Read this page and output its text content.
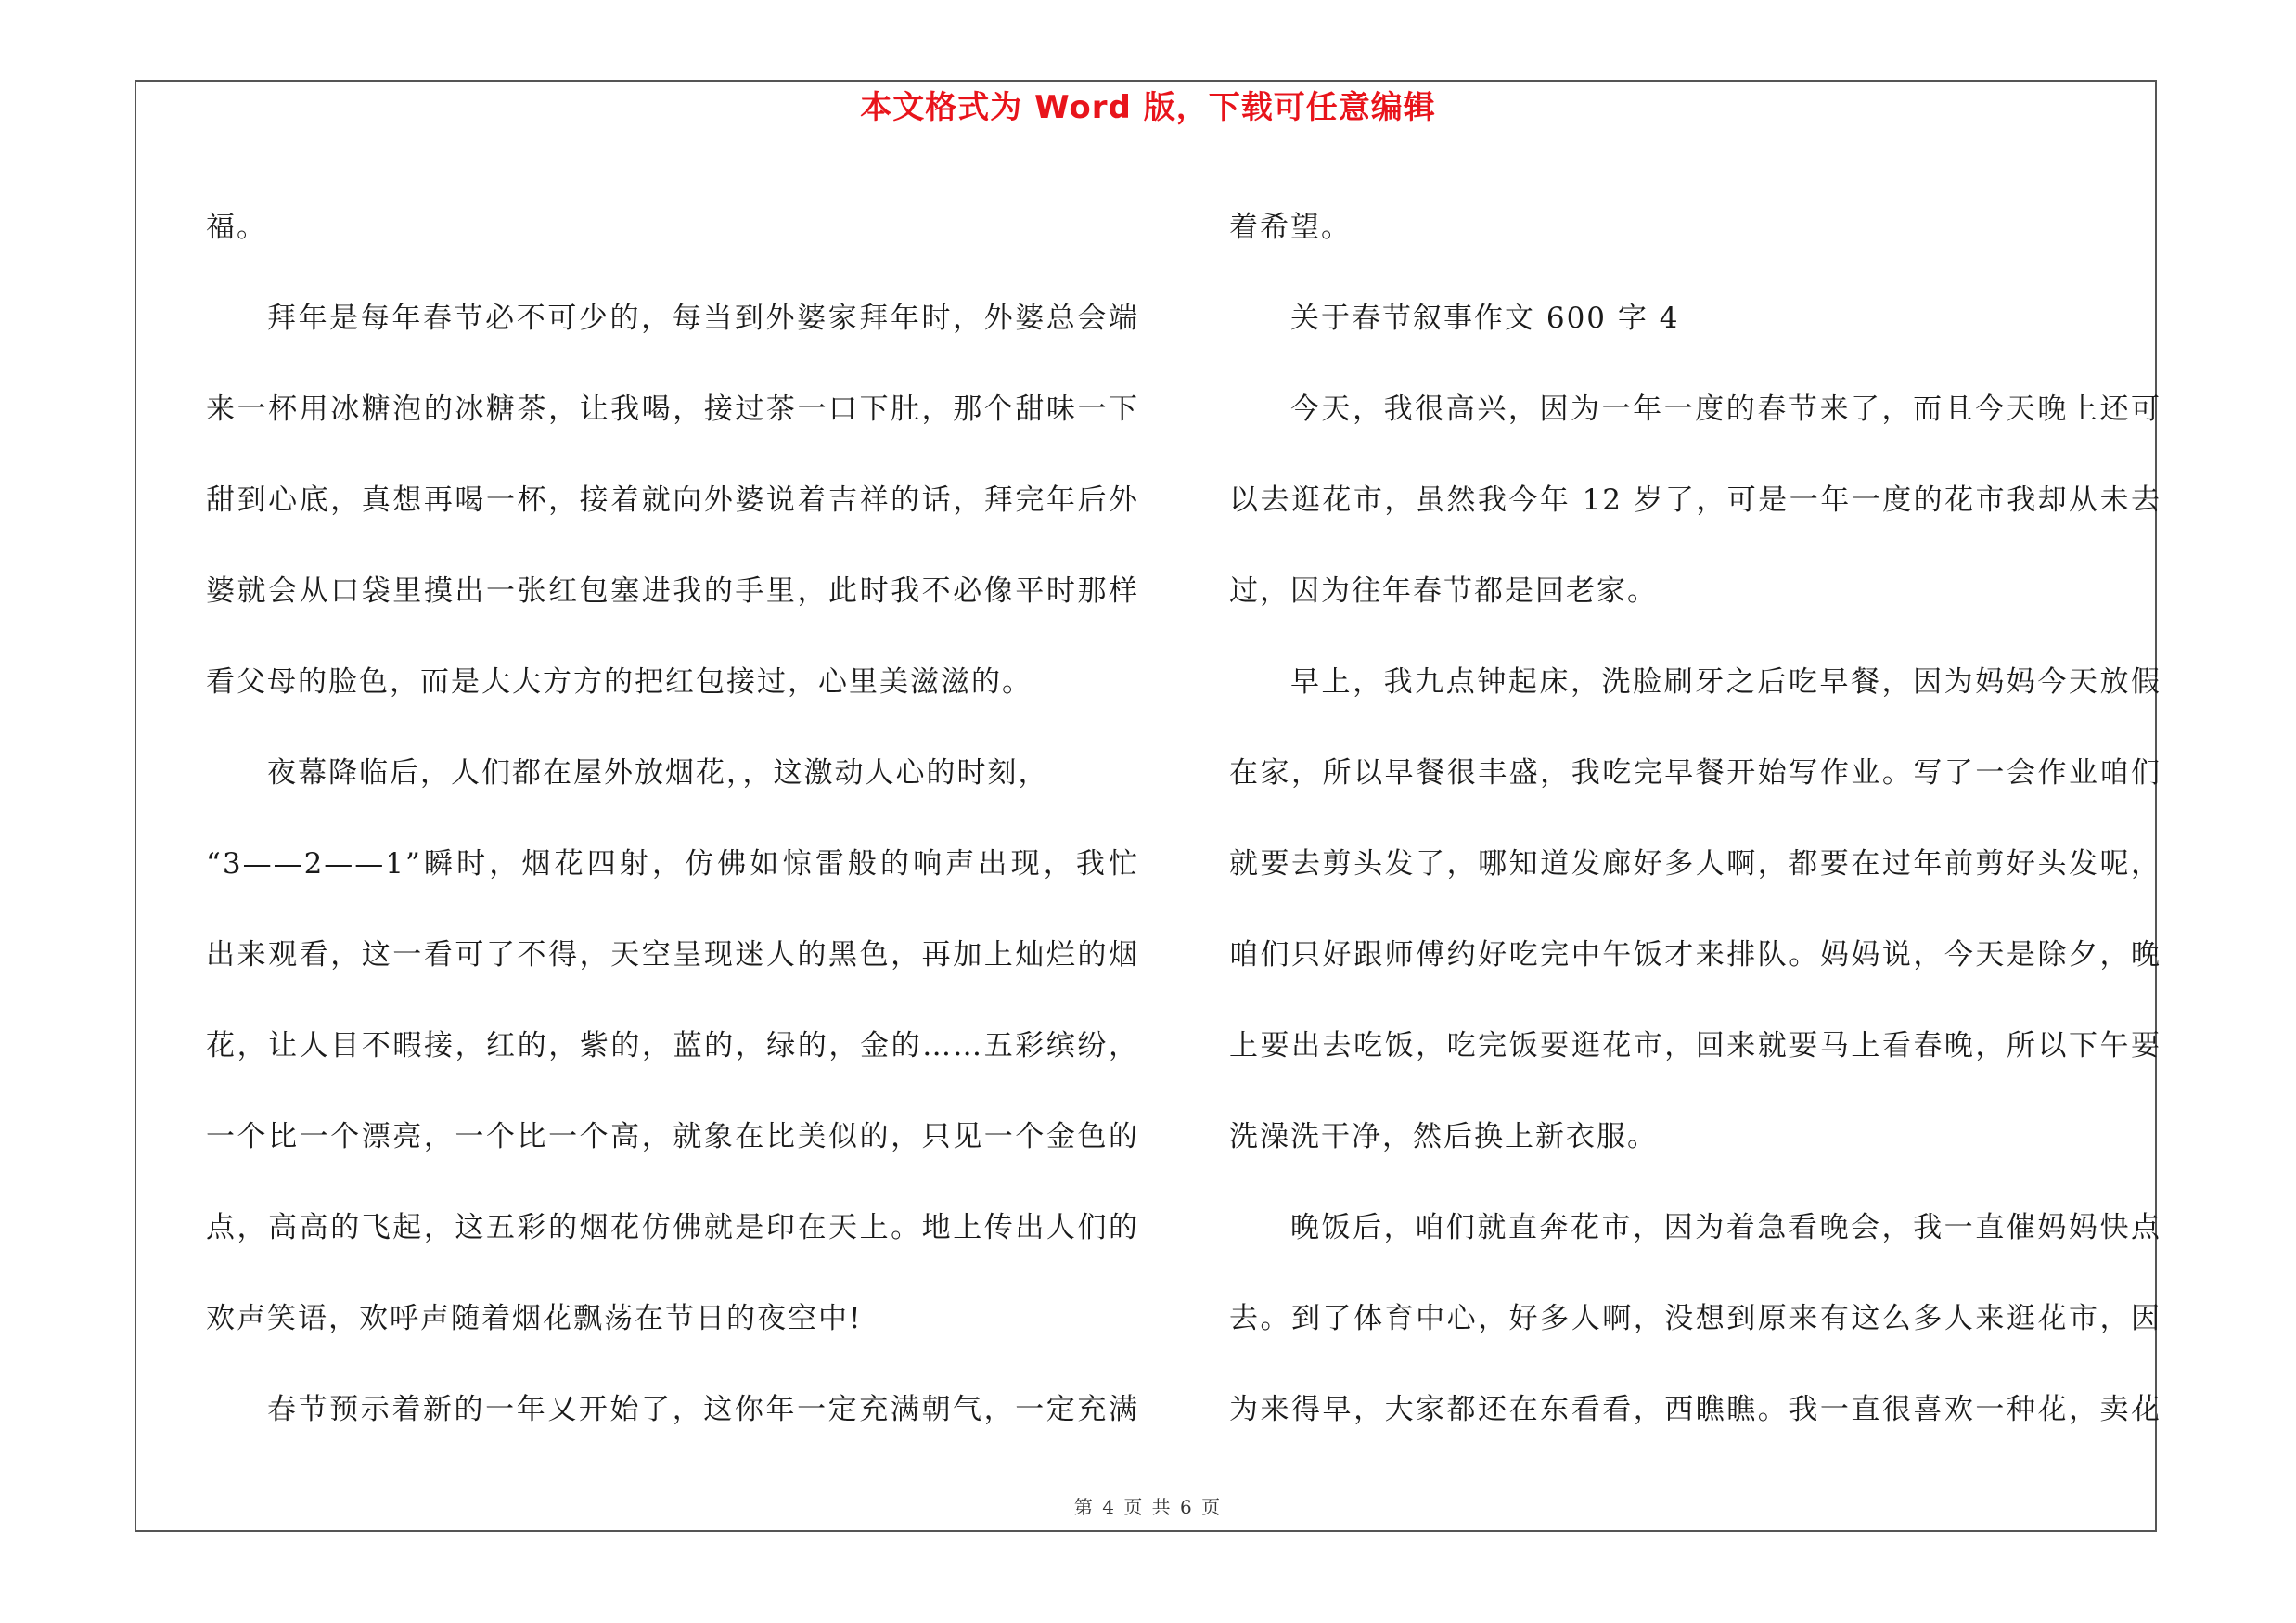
本文格式为 Word 版，下载可任意编辑
福。
拜年是每年春节必不可少的，每当到外婆家拜年时，外婆总会端
来一杯用冰糖泡的冰糖茶，让我喝，接过茶一口下肚，那个甜味一下
甜到心底，真想再喝一杯，接着就向外婆说着吉祥的话，拜完年后外
婆就会从口袋里摸出一张红包塞进我的手里，此时我不必像平时那样
看父母的脸色，而是大大方方的把红包接过，心里美滋滋的。
夜幕降临后，人们都在屋外放烟花，，这激动人心的时刻，
“3——2——1”瞬时，烟花四射，仿佛如惊雷般的响声出现，我忙
出来观看，这一看可了不得，天空呈现迷人的黑色，再加上灿烂的烟
花，让人目不暇接，红的，紫的，蓝的，绿的，金的……五彩缤纷，
一个比一个漂亮，一个比一个高，就象在比美似的，只见一个金色的
点，高高的飞起，这五彩的烟花仿佛就是印在天上。地上传出人们的
欢声笑语，欢呼声随着烟花飘荡在节日的夜空中!
春节预示着新的一年又开始了，这你年一定充满朝气，一定充满
着希望。
关于春节叙事作文 600 字 4
今天，我很高兴，因为一年一度的春节来了，而且今天晚上还可
以去逛花市，虽然我今年 12 岁了，可是一年一度的花市我却从未去
过，因为往年春节都是回老家。
早上，我九点钟起床，洗脸刷牙之后吃早餐，因为妈妈今天放假
在家，所以早餐很丰盛，我吃完早餐开始写作业。写了一会作业咱们
就要去剪头发了，哪知道发廊好多人啊，都要在过年前剪好头发呢，
咱们只好跟师傅约好吃完中午饭才来排队。妈妈说，今天是除夕，晚
上要出去吃饭，吃完饭要逛花市，回来就要马上看春晚，所以下午要
洗澡洗干净，然后换上新衣服。
晚饭后，咱们就直奔花市，因为着急看晚会，我一直催妈妈快点
去。到了体育中心，好多人啊，没想到原来有这么多人来逛花市，因
为来得早，大家都还在东看看，西瞧瞧。我一直很喜欢一种花，卖花
第 4 页 共 6 页
